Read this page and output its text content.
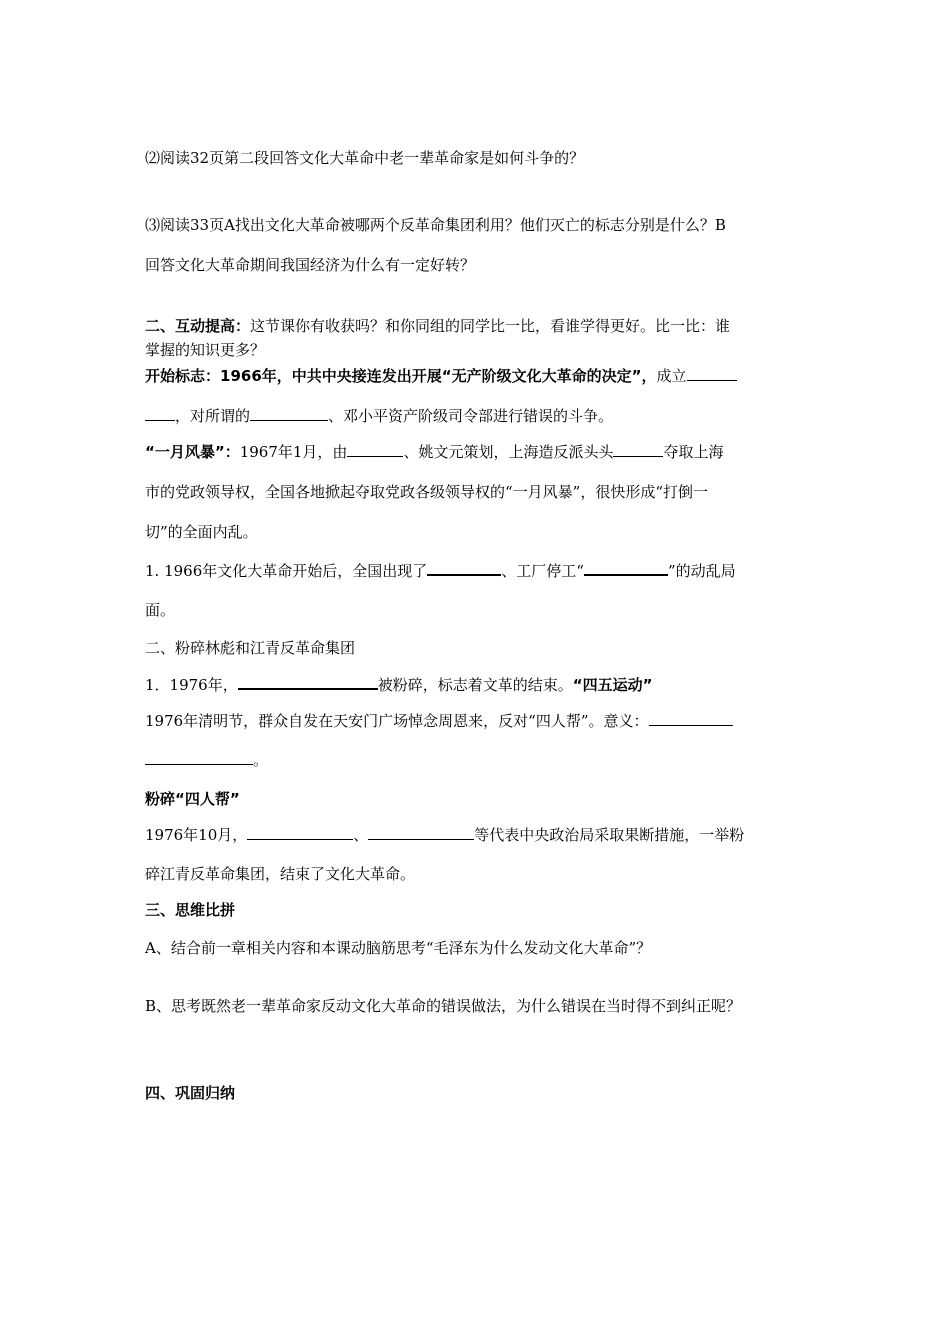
⑵阅读32页第二段回答文化大革命中老一辈革命家是如何斗争的？
⑶阅读33页A找出文化大革命被哪两个反革命集团利用？他们灭亡的标志分别是什么？B
回答文化大革命期间我国经济为什么有一定好转？
二、互动提高：这节课你有收获吗？和你同组的同学比一比，看谁学得更好。比一比：谁
掌握的知识更多？
开始标志：1966年，中共中央接连发出开展“无产阶级文化大革命的决定”，成立
，对所谓的	、邓小平资产阶级司令部进行错误的斗争。
“一月风暴”：1967年1月，由	、姚文元策划，上海造反派头头	夺取上海
市的党政领导权，全国各地掀起夺取党政各级领导权的“一月风暴”，很快形成“打倒一
切”的全面内乱。
1. 1966年文化大革命开始后，全国出现了	、工厂停工“	”的动乱局
面。
二、粉碎林彪和江青反革命集团
1．1976年，	被粉碎，标志着文革的结束。“四五运动”
1976年清明节，群众自发在天安门广场悼念周恩来，反对“四人帮”。意义：
。
粉碎“四人帮”
1976年10月，	、	等代表中央政治局采取果断措施，一举粉
碎江青反革命集团，结束了文化大革命。
三、思维比拼
A、结合前一章相关内容和本课动脑筋思考“毛泽东为什么发动文化大革命”？
B、思考既然老一辈革命家反动文化大革命的错误做法，为什么错误在当时得不到纠正呢？
四、巩固归纳
